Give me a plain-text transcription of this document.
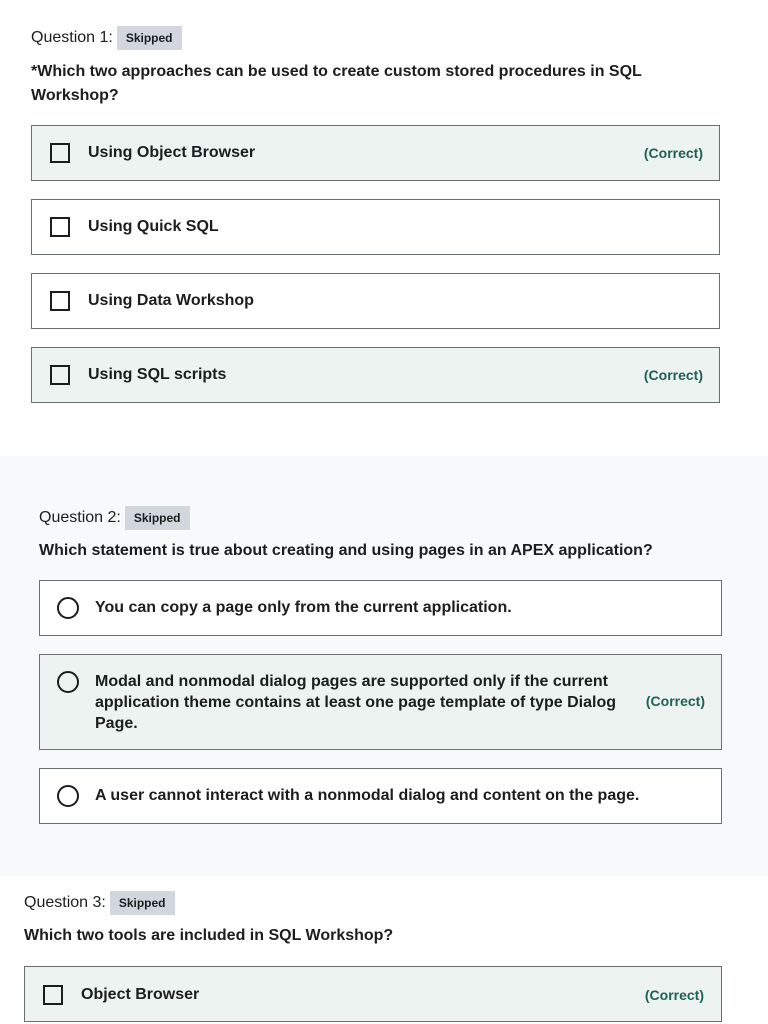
Question 1:	Skipped
*Which two approaches can be used to create custom stored procedures in SQL Workshop?
Using Object Browser	(Correct)
Using Quick SQL
Using Data Workshop
Using SQL scripts	(Correct)
Question 2:	Skipped
Which statement is true about creating and using pages in an APEX application?
You can copy a page only from the current application.
Modal and nonmodal dialog pages are supported only if the current application theme contains at least one page template of type Dialog Page.
(Correct)
A user cannot interact with a nonmodal dialog and content on the page.
Question 3:	Skipped
Which two tools are included in SQL Workshop?
Object Browser	(Correct)
